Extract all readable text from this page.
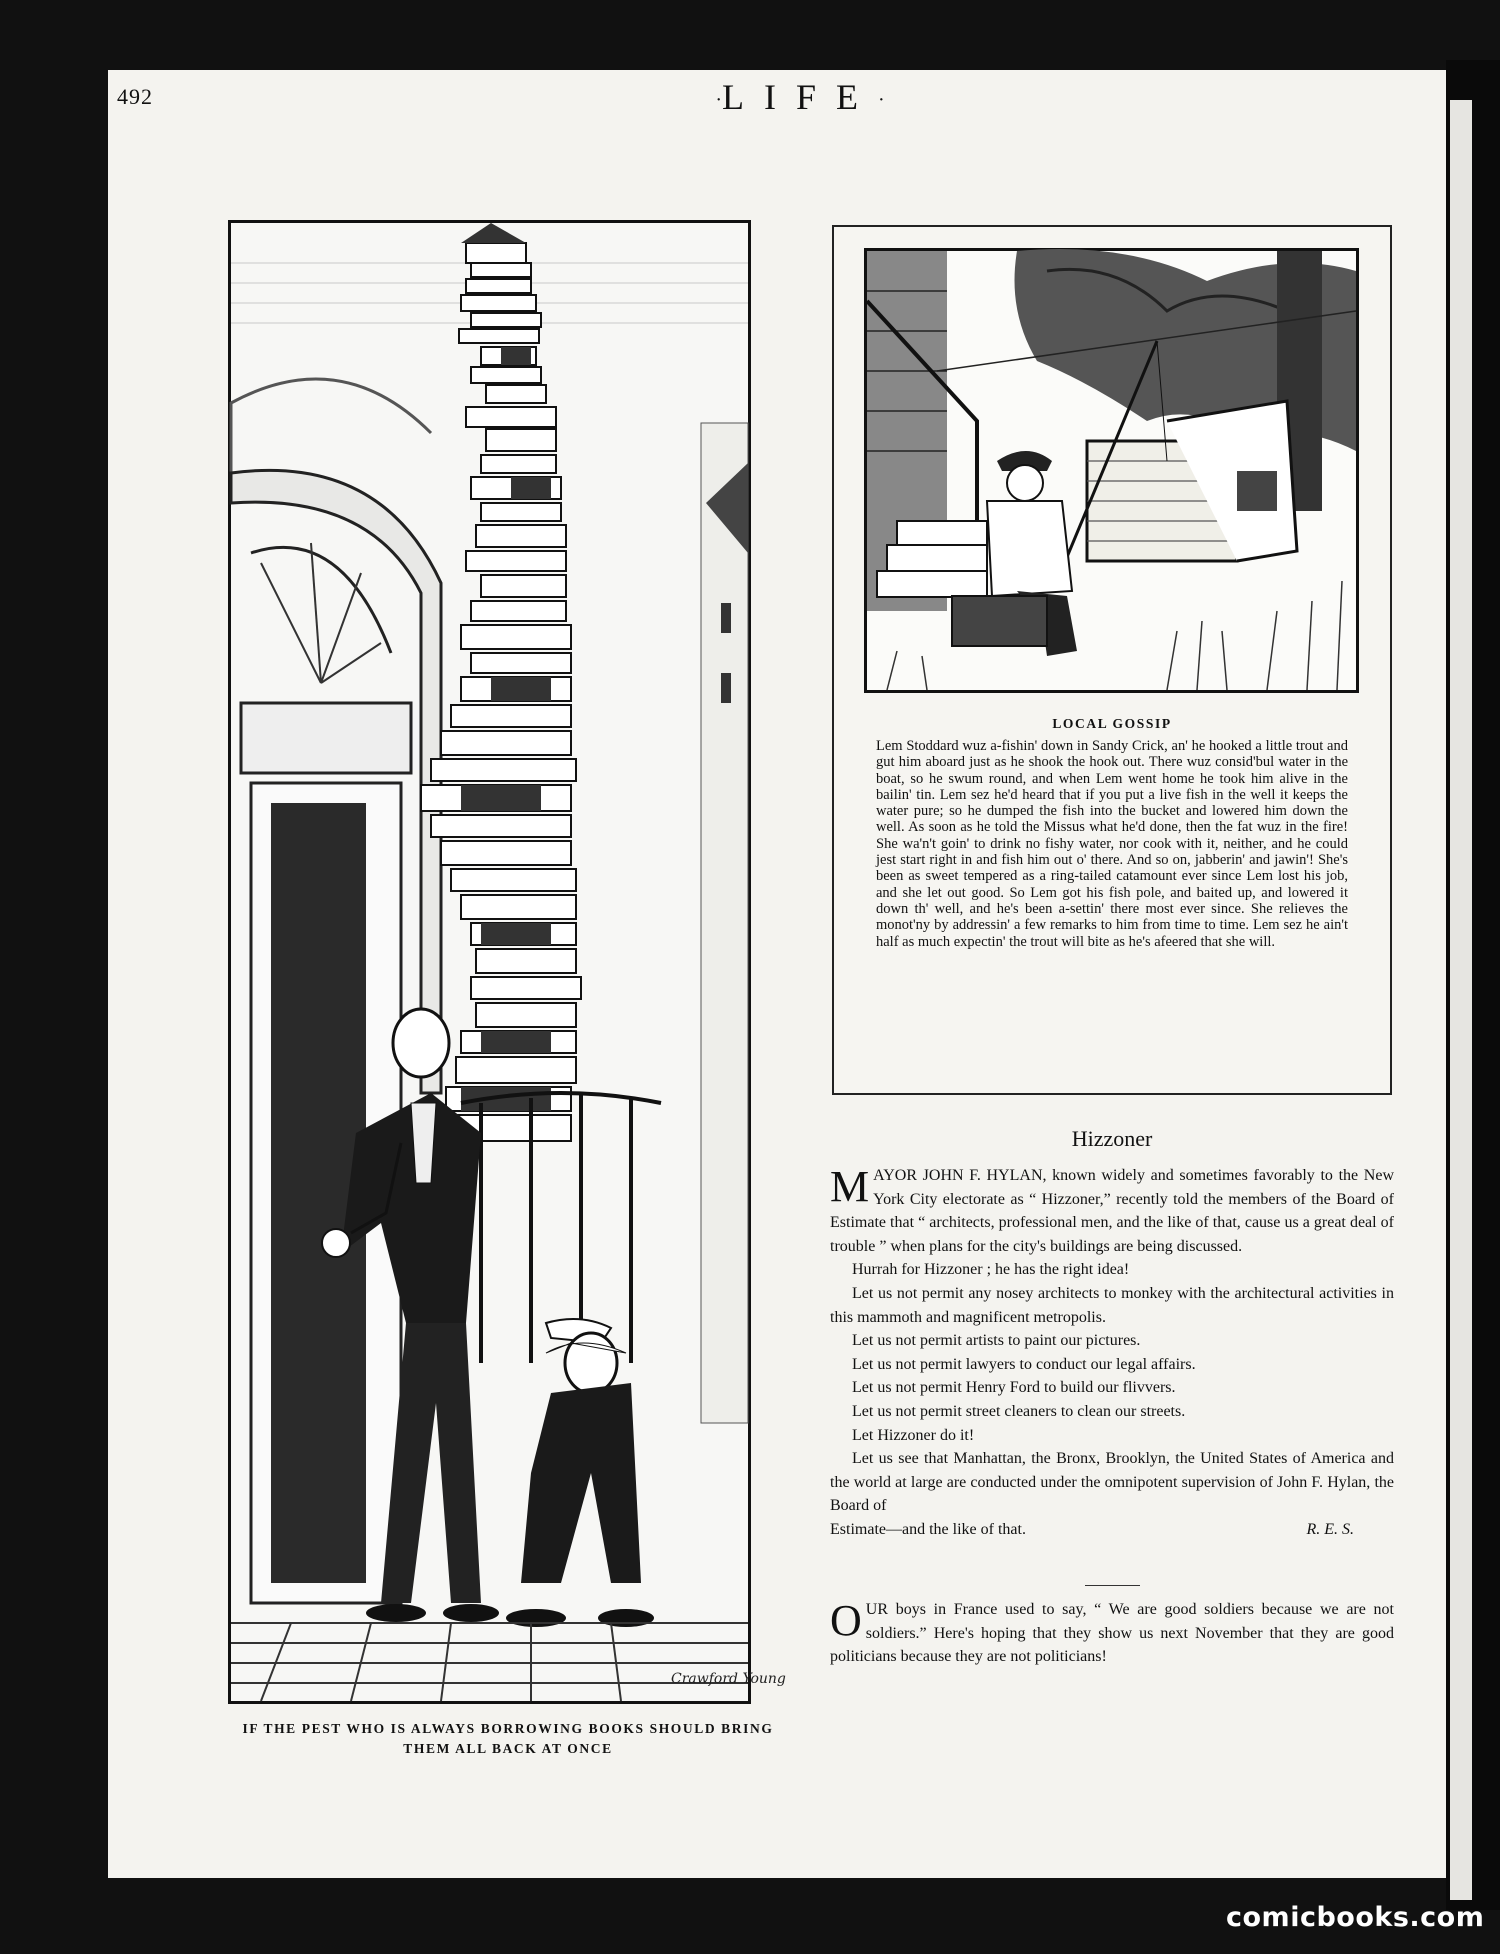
492	·LIFE·
Crawford Young
IF THE PEST WHO IS ALWAYS BORROWING BOOKS SHOULD BRING
THEM ALL BACK AT ONCE
LOCAL GOSSIP

Lem Stoddard wuz a-fishin' down in Sandy Crick, an' he hooked a little trout and gut him aboard just as he shook the hook out. There wuz consid'bul water in the boat, so he swum round, and when Lem went home he took him alive in the bailin' tin. Lem sez he'd heard that if you put a live fish in the well it keeps the water pure; so he dumped the fish into the bucket and lowered him down the well. As soon as he told the Missus what he'd done, then the fat wuz in the fire! She wa'n't goin' to drink no fishy water, nor cook with it, neither, and he could jest start right in and fish him out o' there. And so on, jabberin' and jawin'! She's been as sweet tempered as a ring-tailed catamount ever since Lem lost his job, and she let out good. So Lem got his fish pole, and baited up, and lowered it down th' well, and he's been a-settin' there most ever since. She relieves the monot'ny by addressin' a few remarks to him from time to time. Lem sez he ain't half as much expectin' the trout will bite as he's afeered that she will.

Hizzoner

MAYOR JOHN F. HYLAN, known widely and sometimes favorably to the New York City electorate as “ Hizzoner,” recently told the members of the Board of Estimate that “ architects, professional men, and the like of that, cause us a great deal of trouble ” when plans for the city's buildings are being discussed.

Hurrah for Hizzoner ; he has the right idea!

Let us not permit any nosey architects to monkey with the architectural activities in this mammoth and magnificent metropolis.

Let us not permit artists to paint our pictures.

Let us not permit lawyers to conduct our legal affairs.

Let us not permit Henry Ford to build our flivvers.

Let us not permit street cleaners to clean our streets.

Let Hizzoner do it!

Let us see that Manhattan, the Bronx, Brooklyn, the United States of America and the world at large are conducted under the omnipotent supervision of John F. Hylan, the Board of

Estimate—and the like of that.	R. E. S.

OUR boys in France used to say, “ We are good soldiers because we are not soldiers.” Here's hoping that they show us next November that they are good politicians because they are not politicians!

comicbooks.com
